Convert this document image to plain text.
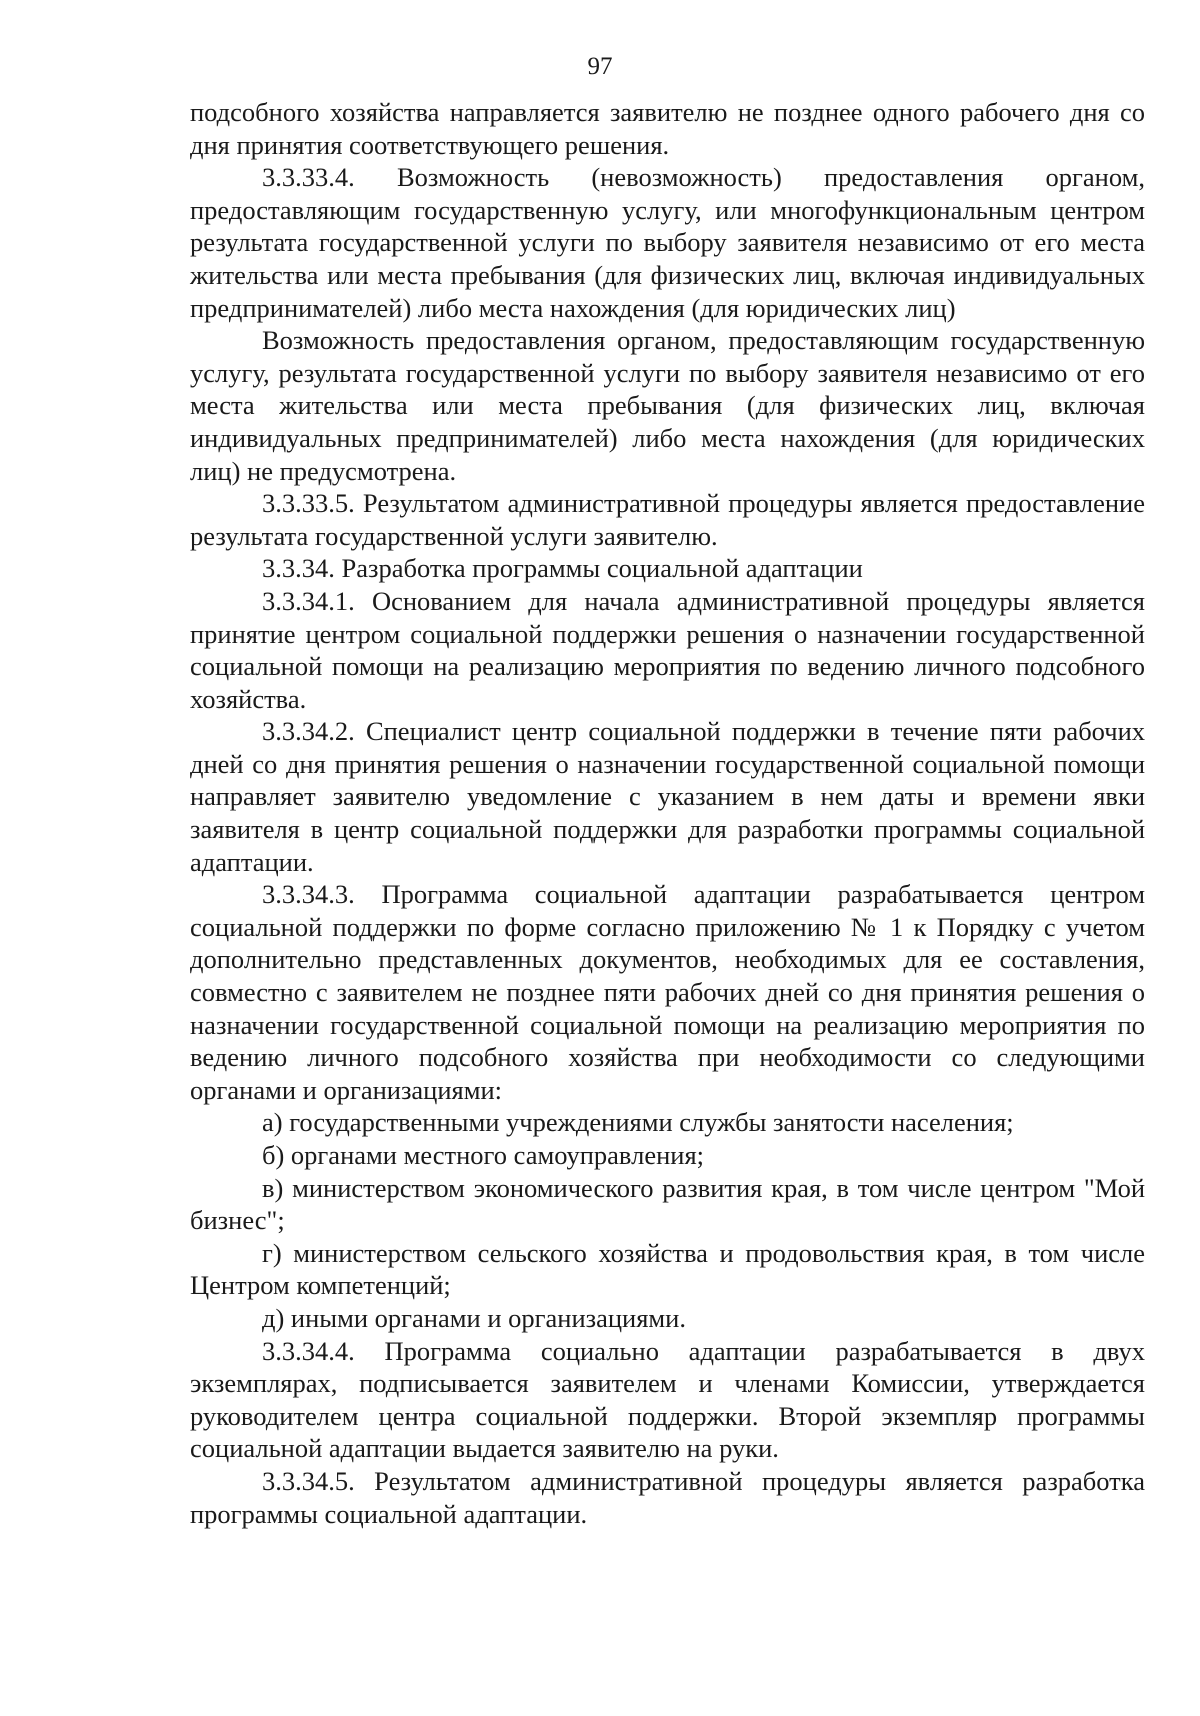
97

подсобного хозяйства направляется заявителю не позднее одного рабочего дня со дня принятия соответствующего решения.

3.3.33.4. Возможность (невозможность) предоставления органом, предоставляющим государственную услугу, или многофункциональным центром результата государственной услуги по выбору заявителя независимо от его места жительства или места пребывания (для физических лиц, включая индивидуальных предпринимателей) либо места нахождения (для юридических лиц)

Возможность предоставления органом, предоставляющим государственную услугу, результата государственной услуги по выбору заявителя независимо от его места жительства или места пребывания (для физических лиц, включая индивидуальных предпринимателей) либо места нахождения (для юридических лиц) не предусмотрена.

3.3.33.5. Результатом административной процедуры является предоставление результата государственной услуги заявителю.

3.3.34. Разработка программы социальной адаптации

3.3.34.1. Основанием для начала административной процедуры является принятие центром социальной поддержки решения о назначении государственной социальной помощи на реализацию мероприятия по ведению личного подсобного хозяйства.

3.3.34.2. Специалист центр социальной поддержки в течение пяти рабочих дней со дня принятия решения о назначении государственной социальной помощи направляет заявителю уведомление с указанием в нем даты и времени явки заявителя в центр социальной поддержки для разработки программы социальной адаптации.

3.3.34.3. Программа социальной адаптации разрабатывается центром социальной поддержки по форме согласно приложению № 1 к Порядку с учетом дополнительно представленных документов, необходимых для ее составления, совместно с заявителем не позднее пяти рабочих дней со дня принятия решения о назначении государственной социальной помощи на реализацию мероприятия по ведению личного подсобного хозяйства при необходимости со следующими органами и организациями:

а) государственными учреждениями службы занятости населения;

б) органами местного самоуправления;

в) министерством экономического развития края, в том числе центром "Мой бизнес";

г) министерством сельского хозяйства и продовольствия края, в том числе Центром компетенций;

д) иными органами и организациями.

3.3.34.4. Программа социально адаптации разрабатывается в двух экземплярах, подписывается заявителем и членами Комиссии, утверждается руководителем центра социальной поддержки. Второй экземпляр программы социальной адаптации выдается заявителю на руки.

3.3.34.5. Результатом административной процедуры является разработка программы социальной адаптации.
